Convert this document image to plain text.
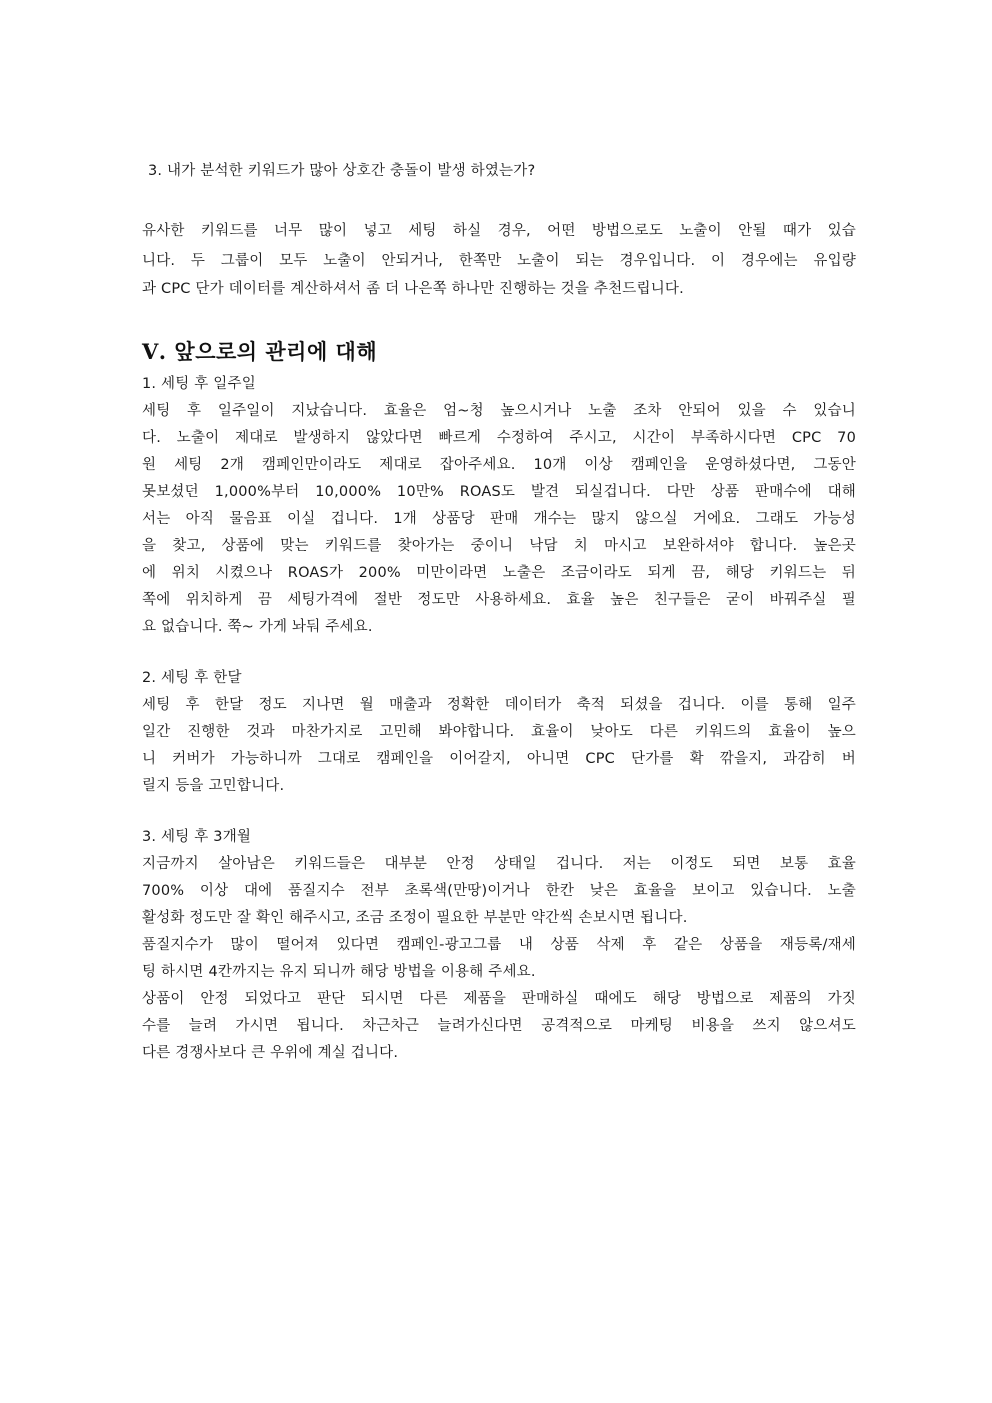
3. 내가 분석한 키워드가 많아 상호간 충돌이 발생 하였는가?
유사한 키워드를 너무 많이 넣고 세팅 하실 경우, 어떤 방법으로도 노출이 안될 때가 있습
니다. 두 그룹이 모두 노출이 안되거나, 한쪽만 노출이 되는 경우입니다. 이 경우에는 유입량
과 CPC 단가 데이터를 계산하셔서 좀 더 나은쪽 하나만 진행하는 것을 추천드립니다.
Ⅴ. 앞으로의 관리에 대해
1. 세팅 후 일주일
세팅 후 일주일이 지났습니다. 효율은 엄~청 높으시거나 노출 조차 안되어 있을 수 있습니
다. 노출이 제대로 발생하지 않았다면 빠르게 수정하여 주시고, 시간이 부족하시다면 CPC 70
원 세팅 2개 캠페인만이라도 제대로 잡아주세요. 10개 이상 캠페인을 운영하셨다면, 그동안
못보셨던 1,000%부터 10,000% 10만% ROAS도 발견 되실겁니다. 다만 상품 판매수에 대해
서는 아직 물음표 이실 겁니다. 1개 상품당 판매 개수는 많지 않으실 거에요. 그래도 가능성
을 찾고, 상품에 맞는 키워드를 찾아가는 중이니 낙담 치 마시고 보완하셔야 합니다. 높은곳
에 위치 시켰으나 ROAS가 200% 미만이라면 노출은 조금이라도 되게 끔, 해당 키워드는 뒤
쪽에 위치하게 끔 세팅가격에 절반 정도만 사용하세요. 효율 높은 친구들은 굳이 바꿔주실 필
요 없습니다. 쭉~ 가게 놔둬 주세요.
2. 세팅 후 한달
세팅 후 한달 정도 지나면 월 매출과 정확한 데이터가 축적 되셨을 겁니다. 이를 통해 일주
일간 진행한 것과 마찬가지로 고민해 봐야합니다. 효율이 낮아도 다른 키워드의 효율이 높으
니 커버가 가능하니까 그대로 캠페인을 이어갈지, 아니면 CPC 단가를 확 깎을지, 과감히 버
릴지 등을 고민합니다.
3. 세팅 후 3개월
지금까지 살아남은 키워드들은 대부분 안정 상태일 겁니다. 저는 이정도 되면 보통 효율
700% 이상 대에 품질지수 전부 초록색(만땅)이거나 한칸 낮은 효율을 보이고 있습니다. 노출
활성화 정도만 잘 확인 해주시고, 조금 조정이 필요한 부분만 약간씩 손보시면 됩니다.
품질지수가 많이 떨어져 있다면 캠페인-광고그룹 내 상품 삭제 후 같은 상품을 재등록/재세
팅 하시면 4칸까지는 유지 되니까 해당 방법을 이용해 주세요.
상품이 안정 되었다고 판단 되시면 다른 제품을 판매하실 때에도 해당 방법으로 제품의 가짓
수를 늘려 가시면 됩니다. 차근차근 늘려가신다면 공격적으로 마케팅 비용을 쓰지 않으셔도
다른 경쟁사보다 큰 우위에 계실 겁니다.
